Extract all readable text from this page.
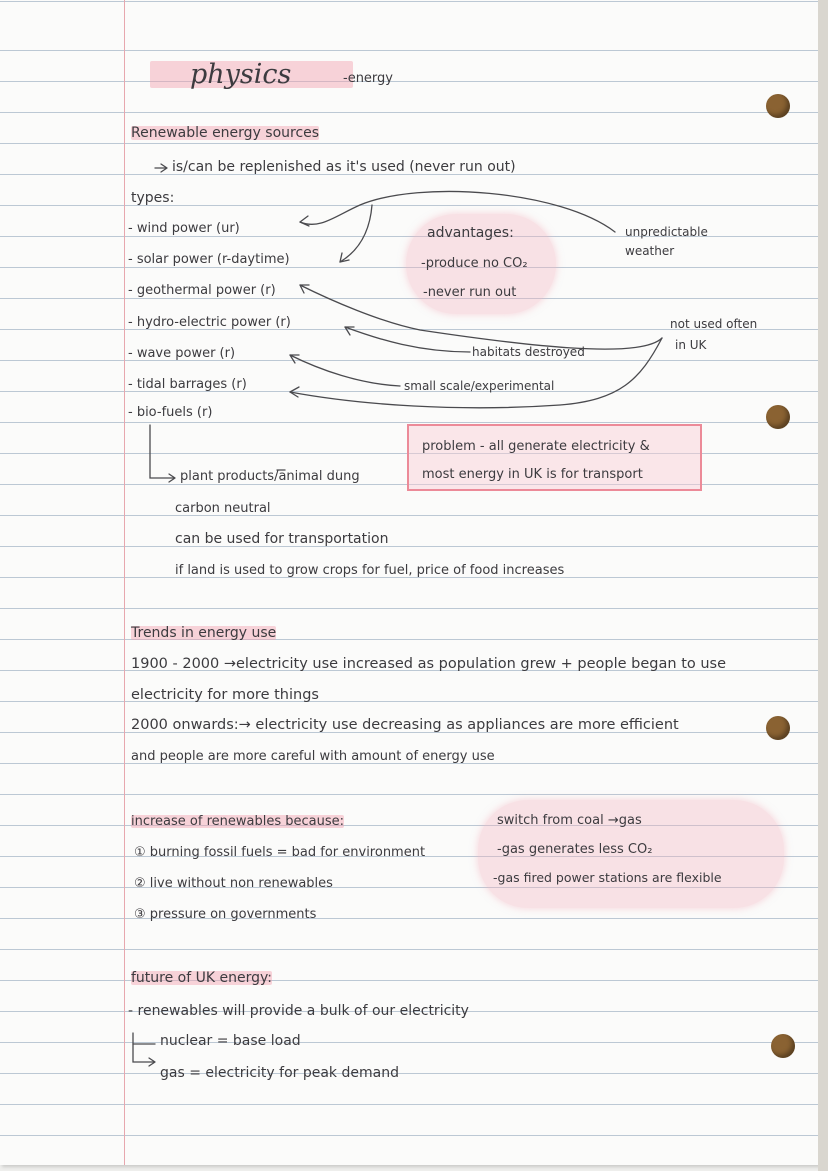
physics	-energy
Renewable energy sources
is/can be replenished as it's used (never run out)
types:
- wind power (ur)
- solar power (r-daytime)
- geothermal power (r)
- hydro-electric power (r)
- wave power (r)
- tidal barrages (r)
- bio-fuels (r)
advantages:
-produce no CO₂
-never run out
unpredictable
weather
not used often
in UK
habitats destroyed
small scale/experimental
problem - all generate electricity &
most energy in UK is for transport
plant products/animal dung
carbon neutral
can be used for transportation
if land is used to grow crops for fuel, price of food increases
Trends in energy use
1900 - 2000 →electricity use increased as population grew + people began to use
electricity for more things
2000 onwards:→ electricity use decreasing as appliances are more efficient
and people are more careful with amount of energy use
increase of renewables because:
① burning fossil fuels = bad for environment
② live without non renewables
③ pressure on governments
switch from coal →gas
-gas generates less CO₂
-gas fired power stations are flexible
future of UK energy:
- renewables will provide a bulk of our electricity
nuclear = base load
gas = electricity for peak demand
